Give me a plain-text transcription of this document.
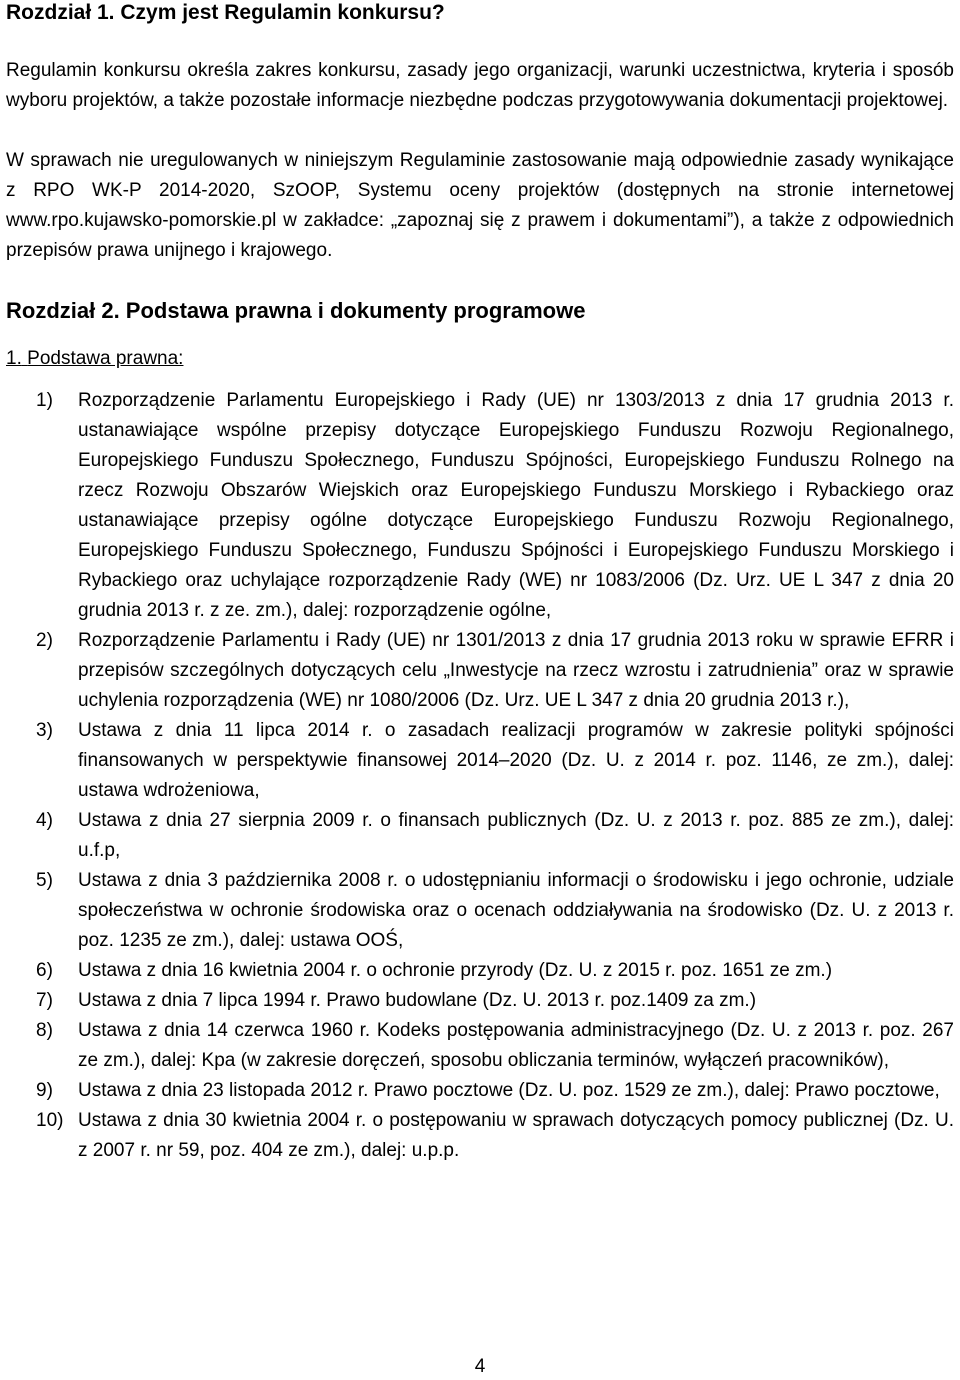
Rozdział 1. Czym jest Regulamin konkursu?

Regulamin konkursu określa zakres konkursu, zasady jego organizacji, warunki uczestnictwa, kryteria i sposób wyboru projektów, a także pozostałe informacje niezbędne podczas przygotowywania dokumentacji projektowej.

W sprawach nie uregulowanych w niniejszym Regulaminie zastosowanie mają odpowiednie zasady wynikające z RPO WK-P 2014-2020, SzOOP, Systemu oceny projektów (dostępnych na stronie internetowej www.rpo.kujawsko-pomorskie.pl w zakładce: „zapoznaj się z prawem i dokumentami”), a także z odpowiednich przepisów prawa unijnego i krajowego.

Rozdział 2. Podstawa prawna i dokumenty programowe
1. Podstawa prawna:
1)	Rozporządzenie Parlamentu Europejskiego i Rady (UE) nr 1303/2013 z dnia 17 grudnia 2013 r. ustanawiające wspólne przepisy dotyczące Europejskiego Funduszu Rozwoju Regionalnego, Europejskiego Funduszu Społecznego, Funduszu Spójności, Europejskiego Funduszu Rolnego na rzecz Rozwoju Obszarów Wiejskich oraz Europejskiego Funduszu Morskiego i Rybackiego oraz ustanawiające przepisy ogólne dotyczące Europejskiego Funduszu Rozwoju Regionalnego, Europejskiego Funduszu Społecznego, Funduszu Spójności i Europejskiego Funduszu Morskiego i Rybackiego oraz uchylające rozporządzenie Rady (WE) nr 1083/2006 (Dz. Urz. UE L 347 z dnia 20 grudnia 2013 r. z ze. zm.), dalej: rozporządzenie ogólne,
2)	Rozporządzenie Parlamentu i Rady (UE) nr 1301/2013 z dnia 17 grudnia 2013 roku w sprawie EFRR i przepisów szczególnych dotyczących celu „Inwestycje na rzecz wzrostu i zatrudnienia” oraz w sprawie uchylenia rozporządzenia (WE) nr 1080/2006 (Dz. Urz. UE L 347 z dnia 20 grudnia 2013 r.),
3)	Ustawa z dnia 11 lipca 2014 r. o zasadach realizacji programów w zakresie polityki spójności finansowanych w perspektywie finansowej 2014–2020 (Dz. U. z 2014 r. poz. 1146, ze zm.), dalej: ustawa wdrożeniowa,
4)	Ustawa z dnia 27 sierpnia 2009 r. o finansach publicznych (Dz. U. z 2013 r. poz. 885 ze zm.), dalej: u.f.p,
5)	Ustawa z dnia 3 października 2008 r. o udostępnianiu informacji o środowisku i jego ochronie, udziale społeczeństwa w ochronie środowiska oraz o ocenach oddziaływania na środowisko (Dz. U. z 2013 r. poz. 1235 ze zm.), dalej: ustawa OOŚ,
6)	Ustawa z dnia 16 kwietnia 2004 r. o ochronie przyrody (Dz. U. z 2015 r. poz. 1651 ze zm.)
7)	Ustawa z dnia 7 lipca 1994 r. Prawo budowlane (Dz. U. 2013 r. poz.1409 za zm.)
8)	Ustawa z dnia 14 czerwca 1960 r. Kodeks postępowania administracyjnego (Dz. U. z 2013 r. poz. 267 ze zm.), dalej: Kpa (w zakresie doręczeń, sposobu obliczania terminów, wyłączeń pracowników),
9)	Ustawa z dnia 23 listopada 2012 r. Prawo pocztowe (Dz. U. poz. 1529 ze zm.), dalej: Prawo pocztowe,
10) Ustawa z dnia 30 kwietnia 2004 r. o postępowaniu w sprawach dotyczących pomocy publicznej (Dz. U. z 2007 r. nr 59, poz. 404 ze zm.), dalej: u.p.p.
4
